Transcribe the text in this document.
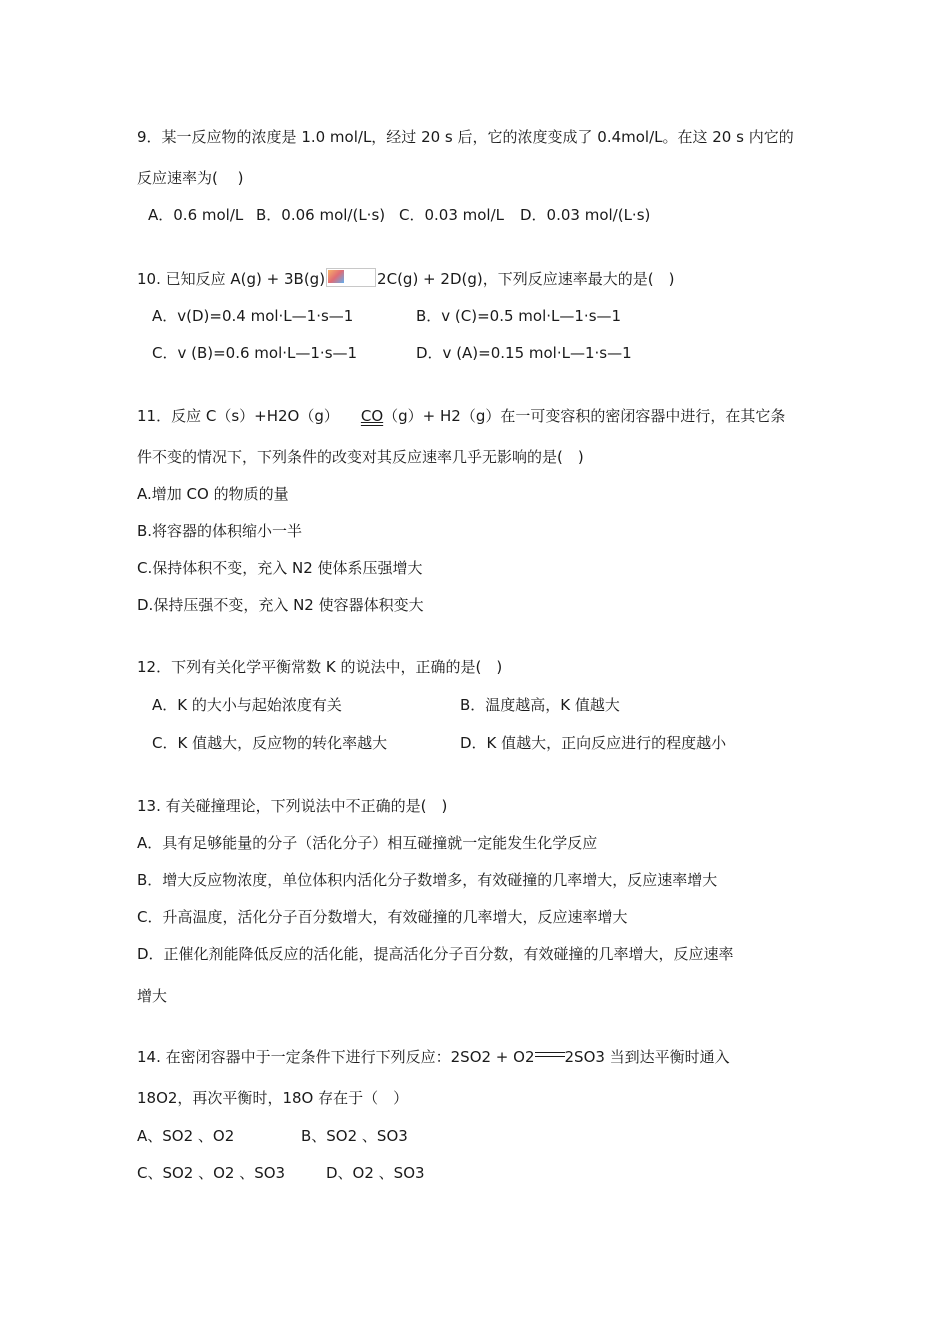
9．某一反应物的浓度是 1.0 mol/L，经过 20 s 后，它的浓度变成了 0.4mol/L。在这 20 s 内它的
反应速率为(　 )
A．0.6 mol/L B．0.06 mol/(L·s) C．0.03 mol/L D．0.03 mol/(L·s)
10. 已知反应 A(g) + 3B(g)	2C(g) + 2D(g)，下列反应速率最大的是(　)
A．v(D)=0.4 mol·L—1·s—1	B．v (C)=0.5 mol·L—1·s—1
C．v (B)=0.6 mol·L—1·s—1	D．v (A)=0.15 mol·L—1·s—1
11．反应 C（s）+H2O（g） CO（g）+ H2（g）在一可变容积的密闭容器中进行，在其它条
件不变的情况下，下列条件的改变对其反应速率几乎无影响的是(　)
A.增加 CO 的物质的量
B.将容器的体积缩小一半
C.保持体积不变，充入 N2 使体系压强增大
D.保持压强不变，充入 N2 使容器体积变大
12．下列有关化学平衡常数 K 的说法中，正确的是(　)
A．K 的大小与起始浓度有关	B．温度越高，K 值越大
C．K 值越大，反应物的转化率越大	D．K 值越大，正向反应进行的程度越小
13. 有关碰撞理论，下列说法中不正确的是(　)
A．具有足够能量的分子（活化分子）相互碰撞就一定能发生化学反应
B．增大反应物浓度，单位体积内活化分子数增多，有效碰撞的几率增大，反应速率增大
C．升高温度，活化分子百分数增大，有效碰撞的几率增大，反应速率增大
D．正催化剂能降低反应的活化能，提高活化分子百分数，有效碰撞的几率增大，反应速率
增大
14. 在密闭容器中于一定条件下进行下列反应：2SO2 + O2 2SO3 当到达平衡时通入
18O2，再次平衡时，18O 存在于（　）
A、SO2 、O2	B、SO2 、SO3
C、SO2 、O2 、SO3	D、O2 、SO3
